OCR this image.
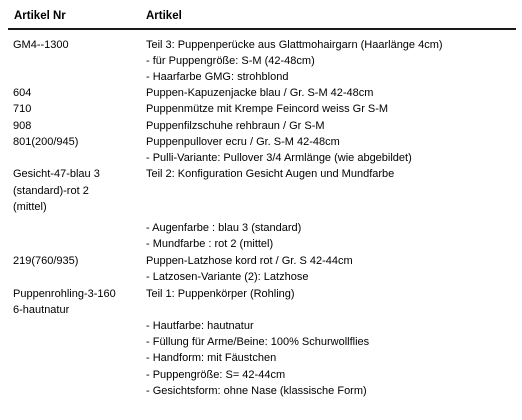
Artikel Nr	Artikel
GM4--1300
604
710
908
801(200/945)
Gesicht-47-blau 3
(standard)-rot 2
(mittel)
219(760/935)
Puppenrohling-3-160
6-hautnatur
Teil 3: Puppenperücke aus Glattmohairgarn (Haarlänge 4cm)
- für Puppengröße: S-M (42-48cm)
- Haarfarbe GMG: strohblond
Puppen-Kapuzenjacke blau / Gr. S-M 42-48cm
Puppenmütze mit Krempe Feincord weiss Gr S-M
Puppenfilzschuhe rehbraun / Gr S-M
Puppenpullover ecru / Gr. S-M 42-48cm
- Pulli-Variante: Pullover 3/4 Armlänge (wie abgebildet)
Teil 2: Konfiguration Gesicht Augen und Mundfarbe
- Augenfarbe : blau 3 (standard)
- Mundfarbe : rot 2 (mittel)
Puppen-Latzhose kord rot / Gr. S 42-44cm
- Latzosen-Variante (2): Latzhose
Teil 1: Puppenkörper (Rohling)
- Hautfarbe: hautnatur
- Füllung für Arme/Beine: 100% Schurwollflies
- Handform: mit Fäustchen
- Puppengröße: S= 42-44cm
- Gesichtsform: ohne Nase (klassische Form)
